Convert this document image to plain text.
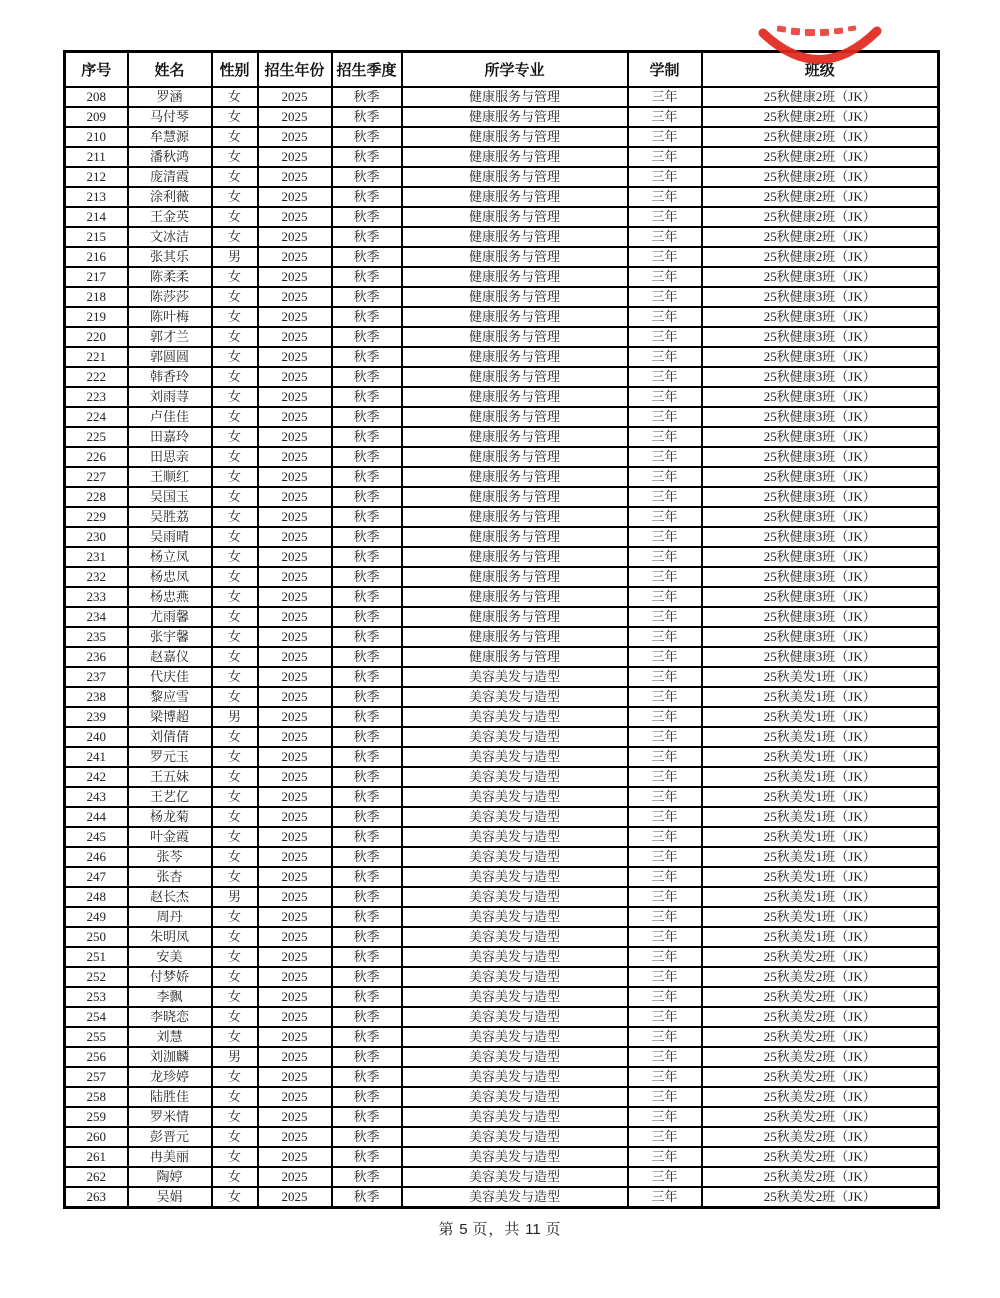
序号	姓名	性别	招生年份	招生季度	所学专业	学制	班级
208	罗涵	女	2025	秋季	健康服务与管理	三年	25秋健康2班（JK）
209	马付琴	女	2025	秋季	健康服务与管理	三年	25秋健康2班（JK）
210	牟慧源	女	2025	秋季	健康服务与管理	三年	25秋健康2班（JK）
211	潘秋鸿	女	2025	秋季	健康服务与管理	三年	25秋健康2班（JK）
212	庞清霞	女	2025	秋季	健康服务与管理	三年	25秋健康2班（JK）
213	涂利薇	女	2025	秋季	健康服务与管理	三年	25秋健康2班（JK）
214	王金英	女	2025	秋季	健康服务与管理	三年	25秋健康2班（JK）
215	文冰洁	女	2025	秋季	健康服务与管理	三年	25秋健康2班（JK）
216	张其乐	男	2025	秋季	健康服务与管理	三年	25秋健康2班（JK）
217	陈柔柔	女	2025	秋季	健康服务与管理	三年	25秋健康3班（JK）
218	陈莎莎	女	2025	秋季	健康服务与管理	三年	25秋健康3班（JK）
219	陈叶梅	女	2025	秋季	健康服务与管理	三年	25秋健康3班（JK）
220	郭才兰	女	2025	秋季	健康服务与管理	三年	25秋健康3班（JK）
221	郭圆圆	女	2025	秋季	健康服务与管理	三年	25秋健康3班（JK）
222	韩香玲	女	2025	秋季	健康服务与管理	三年	25秋健康3班（JK）
223	刘雨荨	女	2025	秋季	健康服务与管理	三年	25秋健康3班（JK）
224	卢佳佳	女	2025	秋季	健康服务与管理	三年	25秋健康3班（JK）
225	田嘉玲	女	2025	秋季	健康服务与管理	三年	25秋健康3班（JK）
226	田思亲	女	2025	秋季	健康服务与管理	三年	25秋健康3班（JK）
227	王顺红	女	2025	秋季	健康服务与管理	三年	25秋健康3班（JK）
228	吴国玉	女	2025	秋季	健康服务与管理	三年	25秋健康3班（JK）
229	吴胜荔	女	2025	秋季	健康服务与管理	三年	25秋健康3班（JK）
230	吴雨晴	女	2025	秋季	健康服务与管理	三年	25秋健康3班（JK）
231	杨立凤	女	2025	秋季	健康服务与管理	三年	25秋健康3班（JK）
232	杨忠凤	女	2025	秋季	健康服务与管理	三年	25秋健康3班（JK）
233	杨忠燕	女	2025	秋季	健康服务与管理	三年	25秋健康3班（JK）
234	尤雨馨	女	2025	秋季	健康服务与管理	三年	25秋健康3班（JK）
235	张宇馨	女	2025	秋季	健康服务与管理	三年	25秋健康3班（JK）
236	赵嘉仪	女	2025	秋季	健康服务与管理	三年	25秋健康3班（JK）
237	代庆佳	女	2025	秋季	美容美发与造型	三年	25秋美发1班（JK）
238	黎应雪	女	2025	秋季	美容美发与造型	三年	25秋美发1班（JK）
239	梁博超	男	2025	秋季	美容美发与造型	三年	25秋美发1班（JK）
240	刘倩倩	女	2025	秋季	美容美发与造型	三年	25秋美发1班（JK）
241	罗元玉	女	2025	秋季	美容美发与造型	三年	25秋美发1班（JK）
242	王五妹	女	2025	秋季	美容美发与造型	三年	25秋美发1班（JK）
243	王艺亿	女	2025	秋季	美容美发与造型	三年	25秋美发1班（JK）
244	杨龙菊	女	2025	秋季	美容美发与造型	三年	25秋美发1班（JK）
245	叶金霞	女	2025	秋季	美容美发与造型	三年	25秋美发1班（JK）
246	张芩	女	2025	秋季	美容美发与造型	三年	25秋美发1班（JK）
247	张杏	女	2025	秋季	美容美发与造型	三年	25秋美发1班（JK）
248	赵长杰	男	2025	秋季	美容美发与造型	三年	25秋美发1班（JK）
249	周丹	女	2025	秋季	美容美发与造型	三年	25秋美发1班（JK）
250	朱明凤	女	2025	秋季	美容美发与造型	三年	25秋美发1班（JK）
251	安美	女	2025	秋季	美容美发与造型	三年	25秋美发2班（JK）
252	付梦娇	女	2025	秋季	美容美发与造型	三年	25秋美发2班（JK）
253	李飘	女	2025	秋季	美容美发与造型	三年	25秋美发2班（JK）
254	李晓恋	女	2025	秋季	美容美发与造型	三年	25秋美发2班（JK）
255	刘慧	女	2025	秋季	美容美发与造型	三年	25秋美发2班（JK）
256	刘泇麟	男	2025	秋季	美容美发与造型	三年	25秋美发2班（JK）
257	龙珍婷	女	2025	秋季	美容美发与造型	三年	25秋美发2班（JK）
258	陆胜佳	女	2025	秋季	美容美发与造型	三年	25秋美发2班（JK）
259	罗米情	女	2025	秋季	美容美发与造型	三年	25秋美发2班（JK）
260	彭晋元	女	2025	秋季	美容美发与造型	三年	25秋美发2班（JK）
261	冉美丽	女	2025	秋季	美容美发与造型	三年	25秋美发2班（JK）
262	陶婷	女	2025	秋季	美容美发与造型	三年	25秋美发2班（JK）
263	吴娟	女	2025	秋季	美容美发与造型	三年	25秋美发2班（JK）
第 5 页，共 11 页
